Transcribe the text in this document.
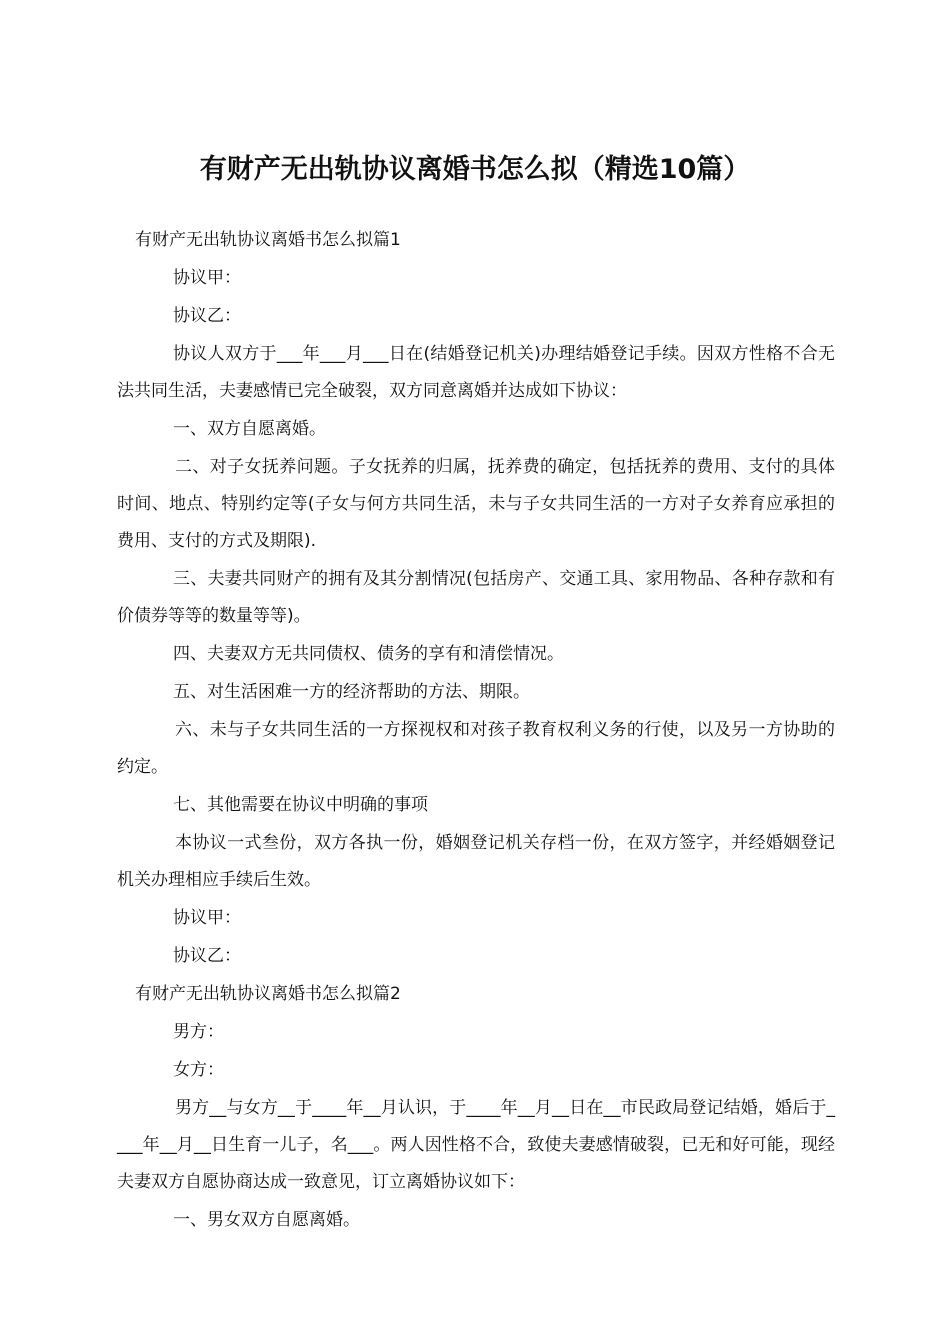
有财产无出轨协议离婚书怎么拟（精选10篇）
有财产无出轨协议离婚书怎么拟篇1
协议甲：
协议乙：
协议人双方于___年___月___日在(结婚登记机关)办理结婚登记手续。因双方性格不合无法共同生活，夫妻感情已完全破裂，双方同意离婚并达成如下协议：
一、双方自愿离婚。
二、对子女抚养问题。子女抚养的归属，抚养费的确定，包括抚养的费用、支付的具体时间、地点、特别约定等(子女与何方共同生活，未与子女共同生活的一方对子女养育应承担的费用、支付的方式及期限).
三、夫妻共同财产的拥有及其分割情况(包括房产、交通工具、家用物品、各种存款和有价债券等等的数量等等)。
四、夫妻双方无共同债权、债务的享有和清偿情况。
五、对生活困难一方的经济帮助的方法、期限。
六、未与子女共同生活的一方探视权和对孩子教育权利义务的行使，以及另一方协助的约定。
七、其他需要在协议中明确的事项
本协议一式叁份，双方各执一份，婚姻登记机关存档一份，在双方签字，并经婚姻登记机关办理相应手续后生效。
协议甲：
协议乙：
有财产无出轨协议离婚书怎么拟篇2
男方：
女方：
男方__与女方__于____年__月认识，于____年__月__日在__市民政局登记结婚，婚后于____年__月__日生育一儿子，名___。两人因性格不合，致使夫妻感情破裂，已无和好可能，现经夫妻双方自愿协商达成一致意见，订立离婚协议如下：
一、男女双方自愿离婚。
